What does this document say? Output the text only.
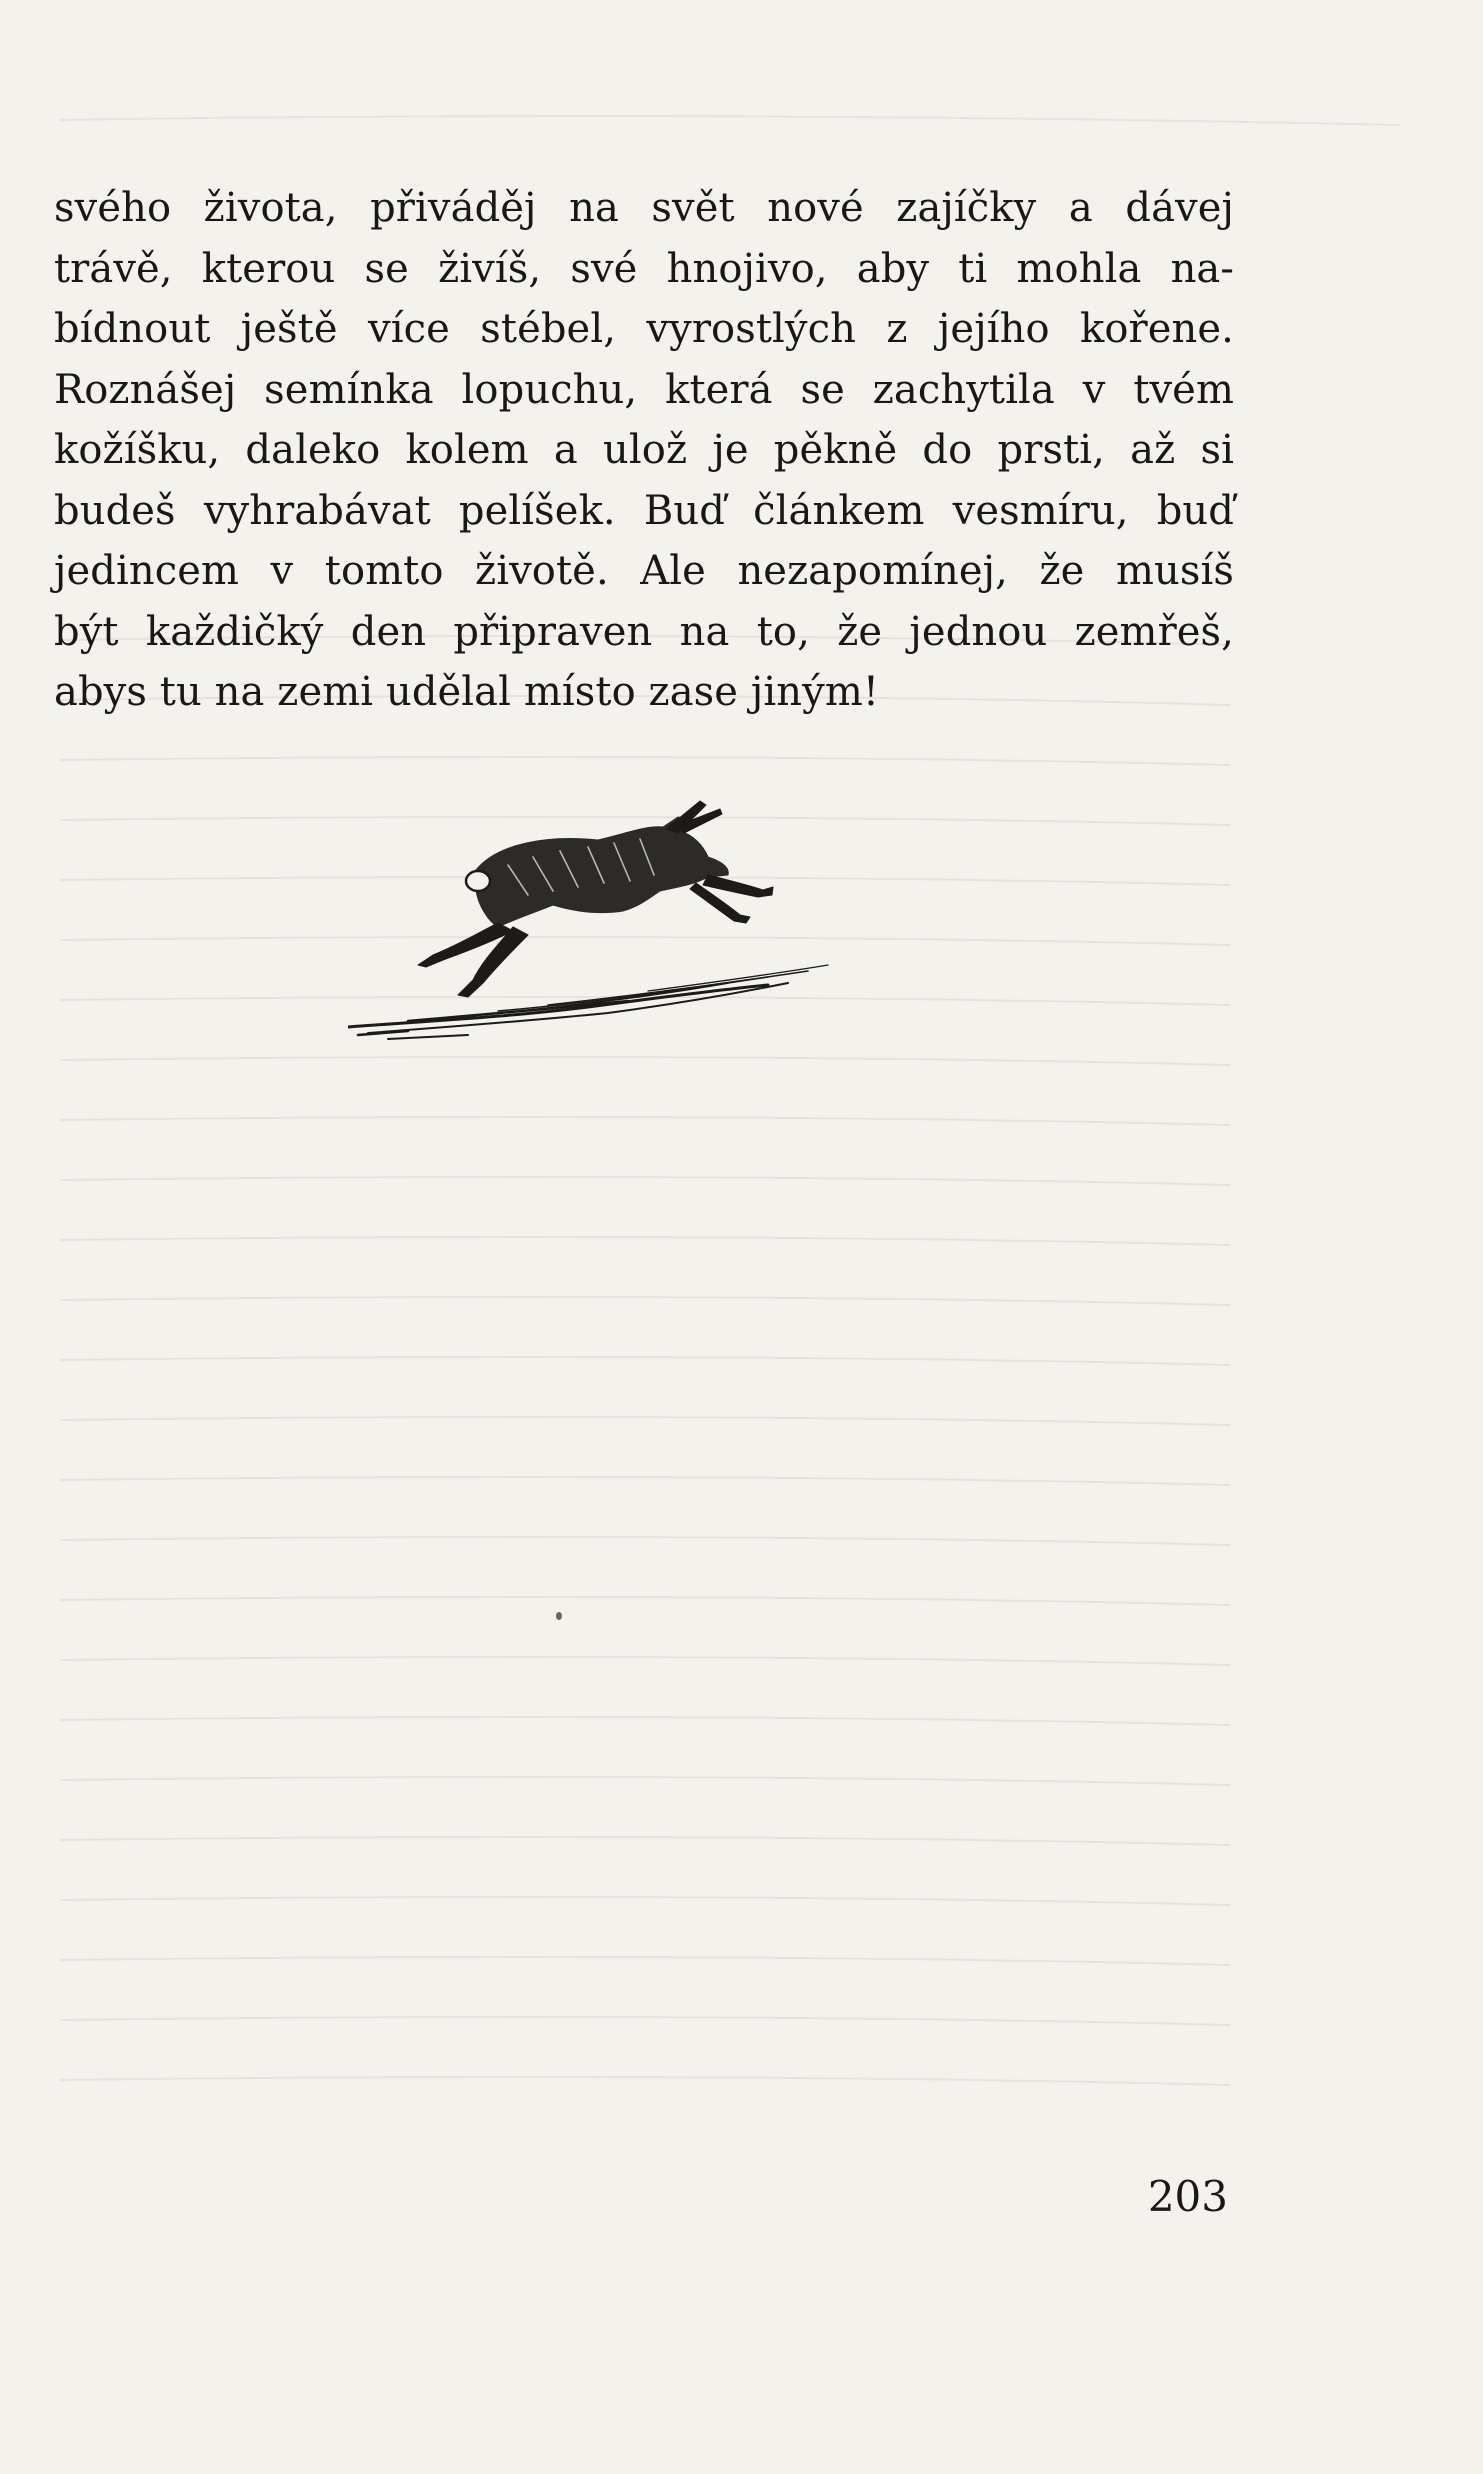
svého života, přiváděj na svět nové zajíčky a dávej
trávě, kterou se živíš, své hnojivo, aby ti mohla na-
bídnout ještě více stébel, vyrostlých z jejího kořene.
Roznášej semínka lopuchu, která se zachytila v tvém
kožíšku, daleko kolem a ulož je pěkně do prsti, až si
budeš vyhrabávat pelíšek. Buď článkem vesmíru, buď
jedincem v tomto životě. Ale nezapomínej, že musíš
být každičký den připraven na to, že jednou zemřeš,
abys tu na zemi udělal místo zase jiným!
203
